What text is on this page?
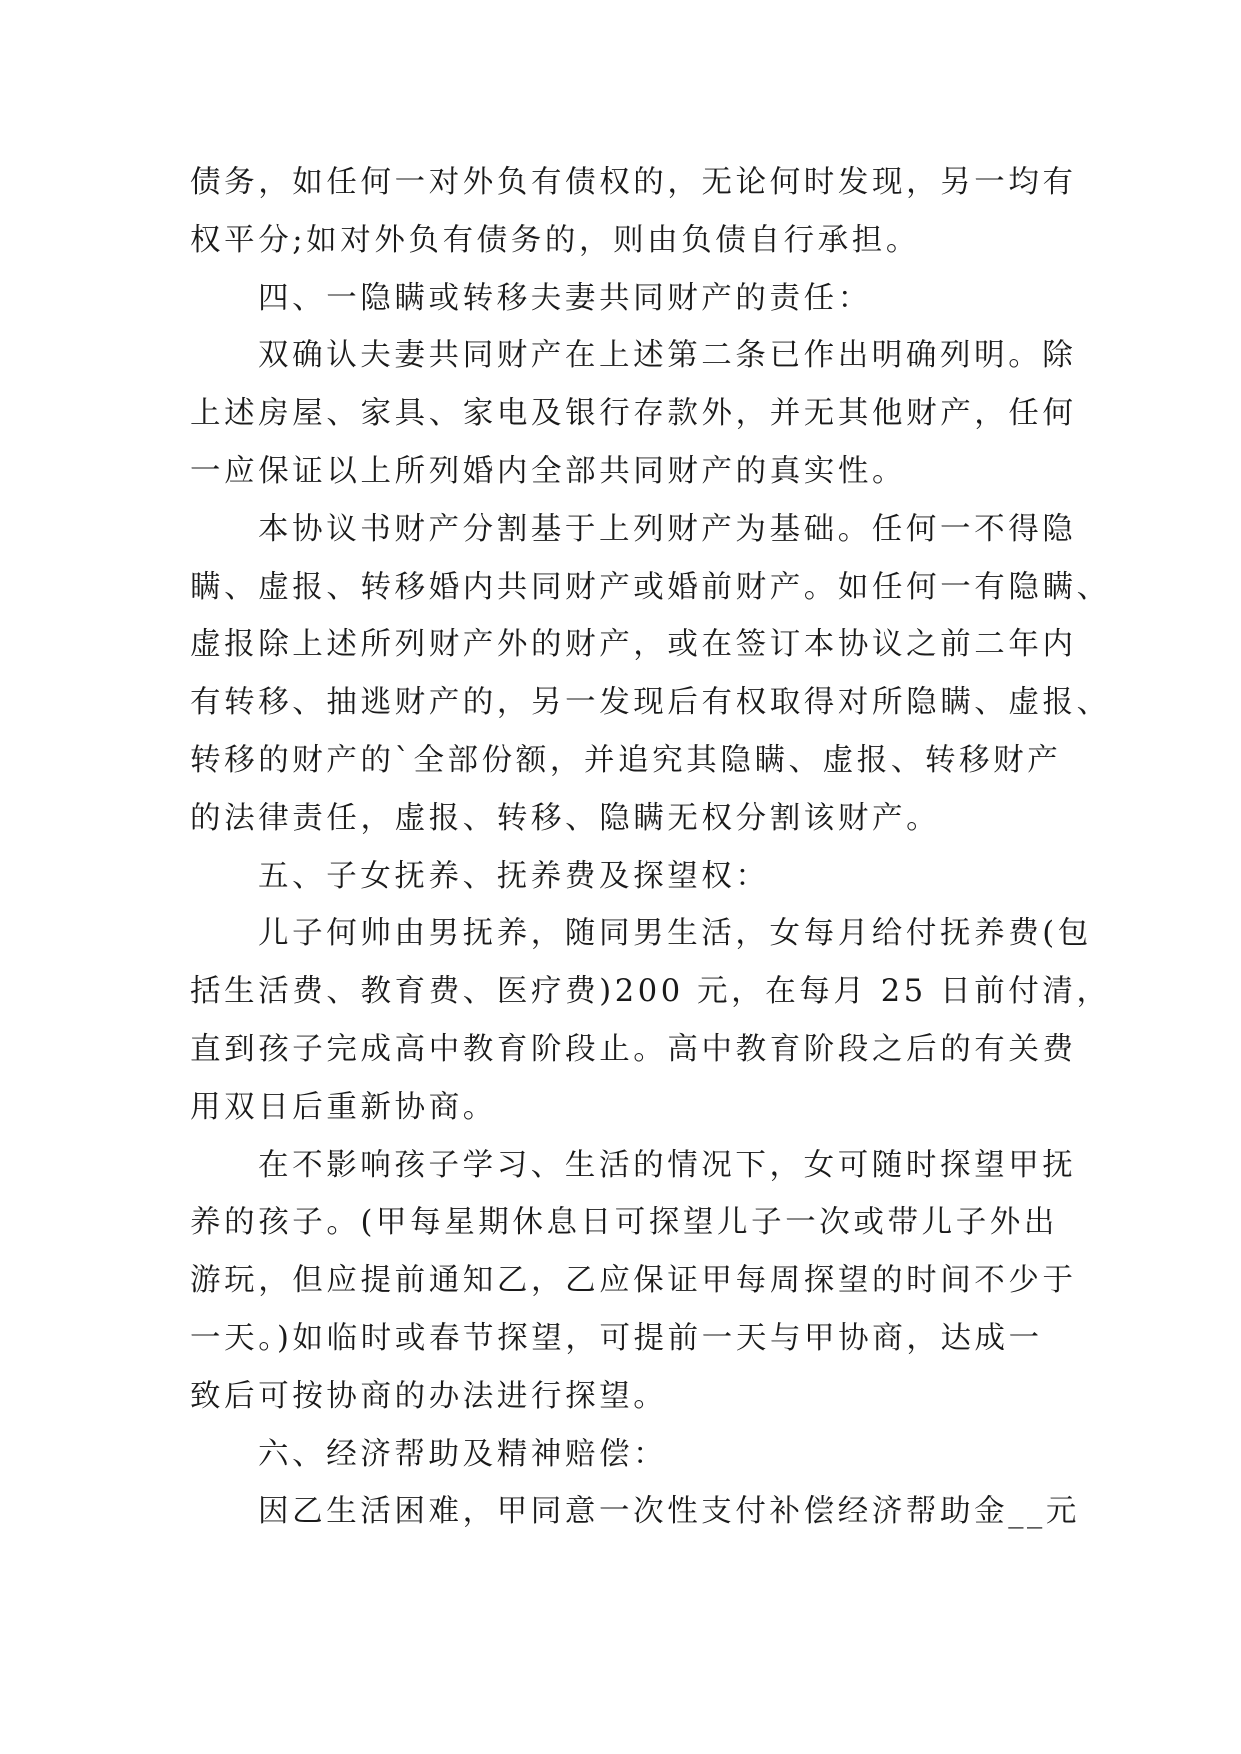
债务，如任何一对外负有债权的，无论何时发现，另一均有
权平分;如对外负有债务的，则由负债自行承担。
四、一隐瞒或转移夫妻共同财产的责任：
双确认夫妻共同财产在上述第二条已作出明确列明。除
上述房屋、家具、家电及银行存款外，并无其他财产，任何
一应保证以上所列婚内全部共同财产的真实性。
本协议书财产分割基于上列财产为基础。任何一不得隐
瞒、虚报、转移婚内共同财产或婚前财产。如任何一有隐瞒、
虚报除上述所列财产外的财产，或在签订本协议之前二年内
有转移、抽逃财产的，另一发现后有权取得对所隐瞒、虚报、
转移的财产的`全部份额，并追究其隐瞒、虚报、转移财产
的法律责任，虚报、转移、隐瞒无权分割该财产。
五、子女抚养、抚养费及探望权：
儿子何帅由男抚养，随同男生活，女每月给付抚养费(包
括生活费、教育费、医疗费)200 元，在每月 25 日前付清，
直到孩子完成高中教育阶段止。高中教育阶段之后的有关费
用双日后重新协商。
在不影响孩子学习、生活的情况下，女可随时探望甲抚
养的孩子。(甲每星期休息日可探望儿子一次或带儿子外出
游玩，但应提前通知乙，乙应保证甲每周探望的时间不少于
一天。)如临时或春节探望，可提前一天与甲协商，达成一
致后可按协商的办法进行探望。
六、经济帮助及精神赔偿：
因乙生活困难，甲同意一次性支付补偿经济帮助金__元
